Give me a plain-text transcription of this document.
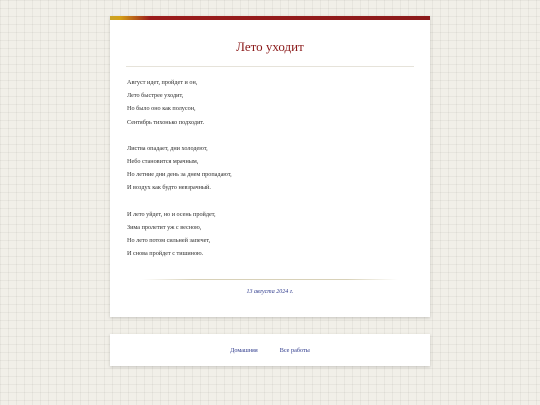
Лето уходит
Август идет, пройдет и он,
Лето быстрее уходит,
Но было оно как полусон,
Сентябрь тихонько подходит.
Листва опадает, дни холодеют,
Небо становится мрачным,
Но летние дни день за днем пропадают,
И воздух как будто невзрачный.
И лето уйдет, но и осень пройдет,
Зима пролетит уж с весною,
Но лето потом сильней запечет,
И снова пройдет с тишиною.
13 августа 2024 г.
Домашняя	Все работы
